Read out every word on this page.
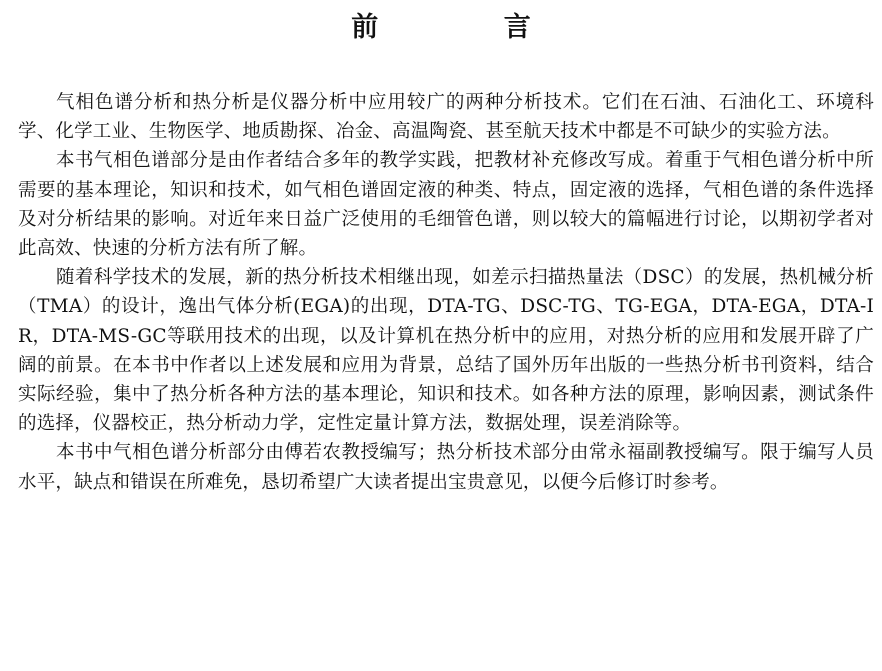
前 言

气相色谱分析和热分析是仪器分析中应用较广的两种分析技术。它们在石油、石油化工、环境科学、化学工业、生物医学、地质勘探、冶金、高温陶瓷、甚至航天技术中都是不可缺少的实验方法。

本书气相色谱部分是由作者结合多年的教学实践，把教材补充修改写成。着重于气相色谱分析中所需要的基本理论，知识和技术，如气相色谱固定液的种类、特点，固定液的选择，气相色谱的条件选择及对分析结果的影响。对近年来日益广泛使用的毛细管色谱，则以较大的篇幅进行讨论，以期初学者对此高效、快速的分析方法有所了解。

随着科学技术的发展，新的热分析技术相继出现，如差示扫描热量法（DSC）的发展，热机械分析（TMA）的设计，逸出气体分析(EGA)的出现，DTA-TG、DSC-TG、TG-EGA，DTA-EGA，DTA-IR，DTA-MS-GC等联用技术的出现，以及计算机在热分析中的应用，对热分析的应用和发展开辟了广阔的前景。在本书中作者以上述发展和应用为背景，总结了国外历年出版的一些热分析书刊资料，结合实际经验，集中了热分析各种方法的基本理论，知识和技术。如各种方法的原理，影响因素，测试条件的选择，仪器校正，热分析动力学，定性定量计算方法，数据处理，误差消除等。

本书中气相色谱分析部分由傅若农教授编写；热分析技术部分由常永福副教授编写。限于编写人员水平，缺点和错误在所难免，恳切希望广大读者提出宝贵意见，以便今后修订时参考。
